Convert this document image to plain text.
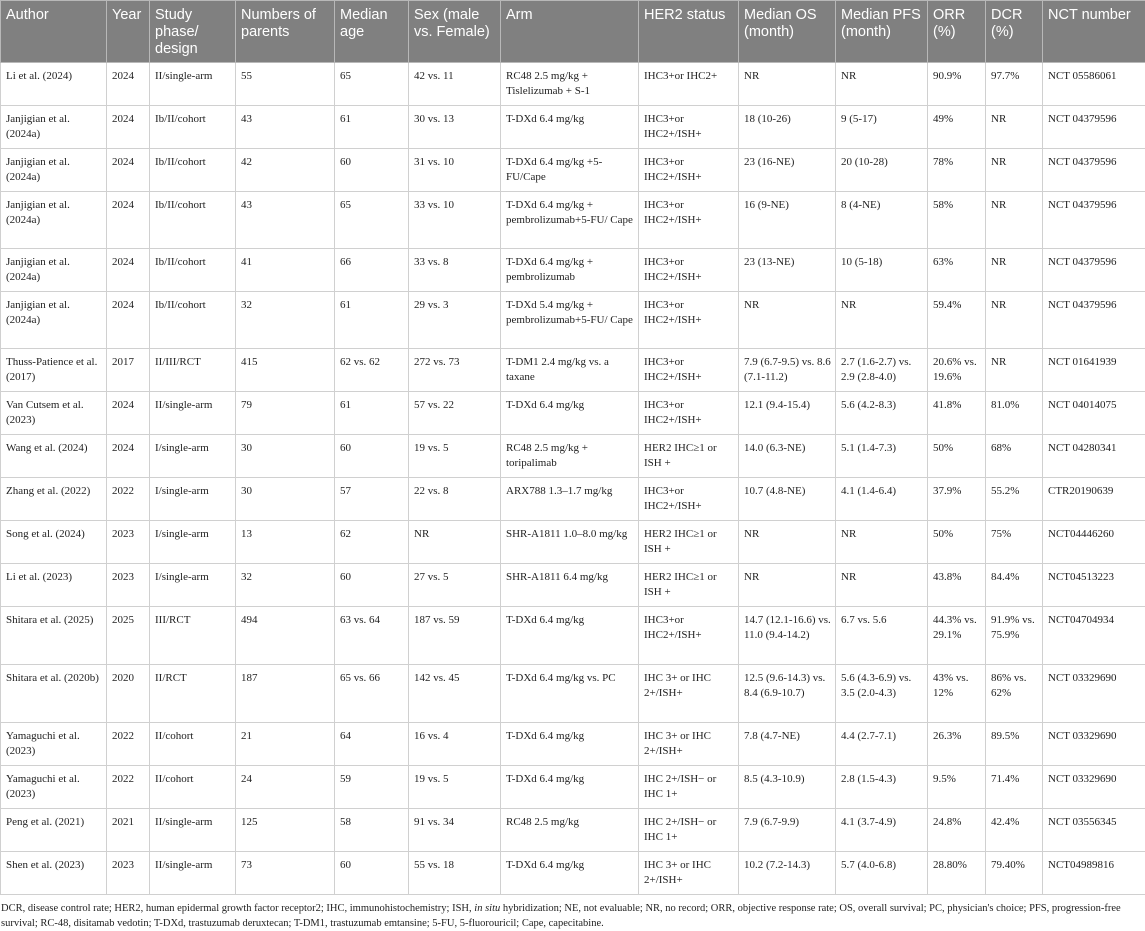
Author	Year	Study phase/ design	Numbers of parents	Median age	Sex (male vs. Female)	Arm	HER2 status	Median OS (month)	Median PFS (month)	ORR (%)	DCR (%)	NCT number
Li et al. (2024)	2024	II/single-arm	55	65	42 vs. 11	RC48 2.5 mg/kg + Tislelizumab + S-1	IHC3+or IHC2+	NR	NR	90.9%	97.7%	NCT 05586061
Janjigian et al. (2024a)	2024	Ib/II/cohort	43	61	30 vs. 13	T-DXd 6.4 mg/kg	IHC3+or IHC2+/ISH+	18 (10-26)	9 (5-17)	49%	NR	NCT 04379596
Janjigian et al. (2024a)	2024	Ib/II/cohort	42	60	31 vs. 10	T-DXd 6.4 mg/kg +5-FU/Cape	IHC3+or IHC2+/ISH+	23 (16-NE)	20 (10-28)	78%	NR	NCT 04379596
Janjigian et al. (2024a)	2024	Ib/II/cohort	43	65	33 vs. 10	T-DXd 6.4 mg/kg + pembrolizumab+5-FU/ Cape	IHC3+or IHC2+/ISH+	16 (9-NE)	8 (4-NE)	58%	NR	NCT 04379596
Janjigian et al. (2024a)	2024	Ib/II/cohort	41	66	33 vs. 8	T-DXd 6.4 mg/kg + pembrolizumab	IHC3+or IHC2+/ISH+	23 (13-NE)	10 (5-18)	63%	NR	NCT 04379596
Janjigian et al. (2024a)	2024	Ib/II/cohort	32	61	29 vs. 3	T-DXd 5.4 mg/kg + pembrolizumab+5-FU/ Cape	IHC3+or IHC2+/ISH+	NR	NR	59.4%	NR	NCT 04379596
Thuss-Patience et al. (2017)	2017	II/III/RCT	415	62 vs. 62	272 vs. 73	T-DM1 2.4 mg/kg vs. a taxane	IHC3+or IHC2+/ISH+	7.9 (6.7-9.5) vs. 8.6 (7.1-11.2)	2.7 (1.6-2.7) vs. 2.9 (2.8-4.0)	20.6% vs. 19.6%	NR	NCT 01641939
Van Cutsem et al. (2023)	2024	II/single-arm	79	61	57 vs. 22	T-DXd 6.4 mg/kg	IHC3+or IHC2+/ISH+	12.1 (9.4-15.4)	5.6 (4.2-8.3)	41.8%	81.0%	NCT 04014075
Wang et al. (2024)	2024	I/single-arm	30	60	19 vs. 5	RC48 2.5 mg/kg + toripalimab	HER2 IHC≥1 or ISH +	14.0 (6.3-NE)	5.1 (1.4-7.3)	50%	68%	NCT 04280341
Zhang et al. (2022)	2022	I/single-arm	30	57	22 vs. 8	ARX788 1.3–1.7 mg/kg	IHC3+or IHC2+/ISH+	10.7 (4.8-NE)	4.1 (1.4-6.4)	37.9%	55.2%	CTR20190639
Song et al. (2024)	2023	I/single-arm	13	62	NR	SHR-A1811 1.0–8.0 mg/kg	HER2 IHC≥1 or ISH +	NR	NR	50%	75%	NCT04446260
Li et al. (2023)	2023	I/single-arm	32	60	27 vs. 5	SHR-A1811 6.4 mg/kg	HER2 IHC≥1 or ISH +	NR	NR	43.8%	84.4%	NCT04513223
Shitara et al. (2025)	2025	III/RCT	494	63 vs. 64	187 vs. 59	T-DXd 6.4 mg/kg	IHC3+or IHC2+/ISH+	14.7 (12.1-16.6) vs. 11.0 (9.4-14.2)	6.7 vs. 5.6	44.3% vs. 29.1%	91.9% vs. 75.9%	NCT04704934
Shitara et al. (2020b)	2020	II/RCT	187	65 vs. 66	142 vs. 45	T-DXd 6.4 mg/kg vs. PC	IHC 3+ or IHC 2+/ISH+	12.5 (9.6-14.3) vs. 8.4 (6.9-10.7)	5.6 (4.3-6.9) vs. 3.5 (2.0-4.3)	43% vs. 12%	86% vs. 62%	NCT 03329690
Yamaguchi et al. (2023)	2022	II/cohort	21	64	16 vs. 4	T-DXd 6.4 mg/kg	IHC 3+ or IHC 2+/ISH+	7.8 (4.7-NE)	4.4 (2.7-7.1)	26.3%	89.5%	NCT 03329690
Yamaguchi et al. (2023)	2022	II/cohort	24	59	19 vs. 5	T-DXd 6.4 mg/kg	IHC 2+/ISH− or IHC 1+	8.5 (4.3-10.9)	2.8 (1.5-4.3)	9.5%	71.4%	NCT 03329690
Peng et al. (2021)	2021	II/single-arm	125	58	91 vs. 34	RC48 2.5 mg/kg	IHC 2+/ISH− or IHC 1+	7.9 (6.7-9.9)	4.1 (3.7-4.9)	24.8%	42.4%	NCT 03556345
Shen et al. (2023)	2023	II/single-arm	73	60	55 vs. 18	T-DXd 6.4 mg/kg	IHC 3+ or IHC 2+/ISH+	10.2 (7.2-14.3)	5.7 (4.0-6.8)	28.80%	79.40%	NCT04989816
DCR, disease control rate; HER2, human epidermal growth factor receptor2; IHC, immunohistochemistry; ISH, in situ hybridization; NE, not evaluable; NR, no record; ORR, objective response rate; OS, overall survival; PC, physician's choice; PFS, progression-free survival; RC-48, disitamab vedotin; T-DXd, trastuzumab deruxtecan; T-DM1, trastuzumab emtansine; 5-FU, 5-fluorouricil; Cape, capecitabine.
